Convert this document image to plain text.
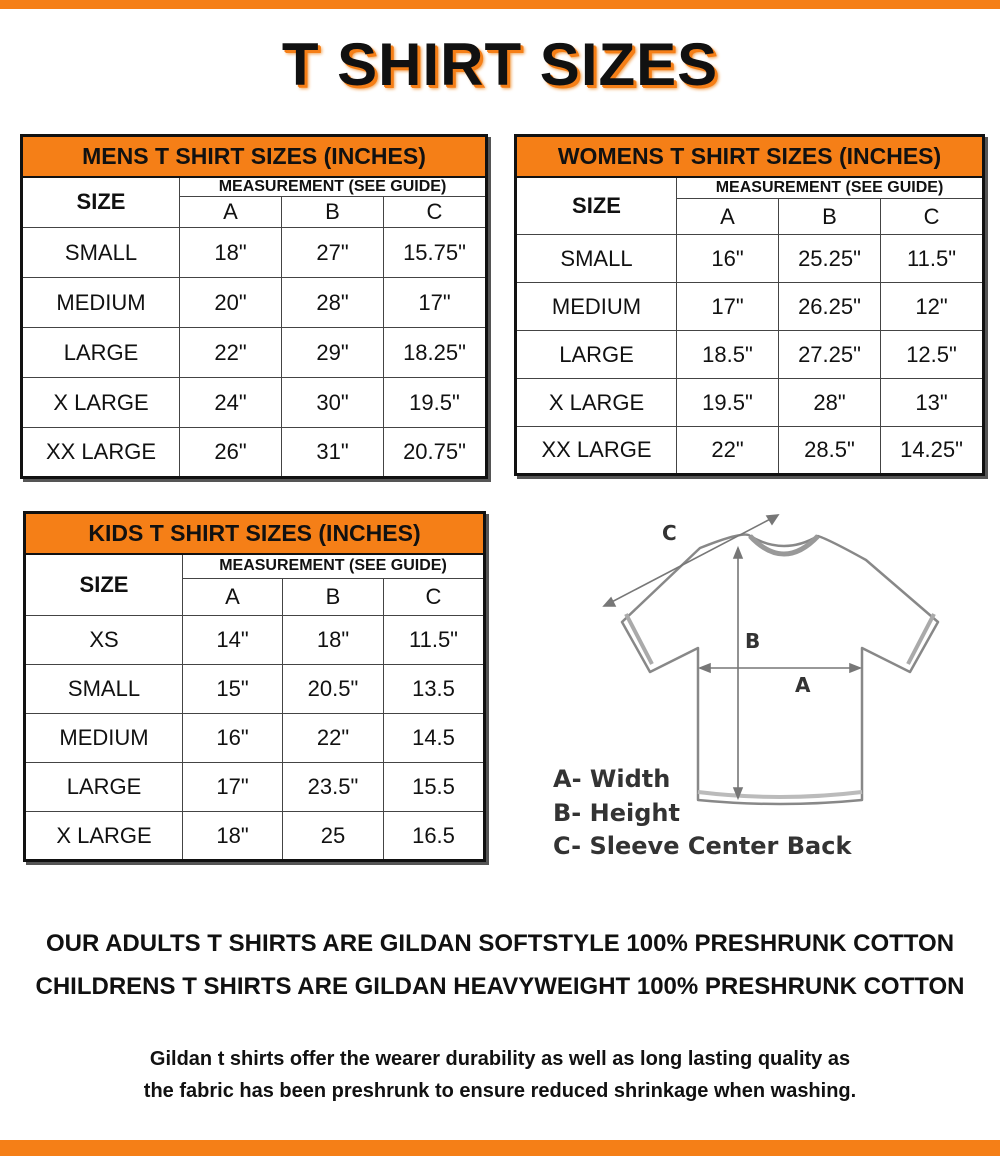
T SHIRT SIZES
MENS T SHIRT SIZES (INCHES)			
SIZE	MEASUREMENT (SEE GUIDE)		
	A	B	C
SMALL	18"	27"	15.75"
MEDIUM	20"	28"	17"
LARGE	22"	29"	18.25"
X LARGE	24"	30"	19.5"
XX LARGE	26"	31"	20.75"
WOMENS T SHIRT SIZES (INCHES)			
SIZE	MEASUREMENT (SEE GUIDE)		
	A	B	C
SMALL	16"	25.25"	11.5"
MEDIUM	17"	26.25"	12"
LARGE	18.5"	27.25"	12.5"
X LARGE	19.5"	28"	13"
XX LARGE	22"	28.5"	14.25"
KIDS T SHIRT SIZES (INCHES)			
SIZE	MEASUREMENT (SEE GUIDE)		
	A	B	C
XS	14"	18"	11.5"
SMALL	15"	20.5"	13.5
MEDIUM	16"	22"	14.5
LARGE	17"	23.5"	15.5
X LARGE	18"	25	16.5
B
A
C
A- Width
B- Height
C- Sleeve Center Back
OUR ADULTS T SHIRTS ARE GILDAN SOFTSTYLE 100% PRESHRUNK COTTON
CHILDRENS T SHIRTS ARE GILDAN HEAVYWEIGHT 100% PRESHRUNK COTTON
Gildan t shirts offer the wearer durability as well as long lasting quality as
the fabric has been preshrunk to ensure reduced shrinkage when washing.
